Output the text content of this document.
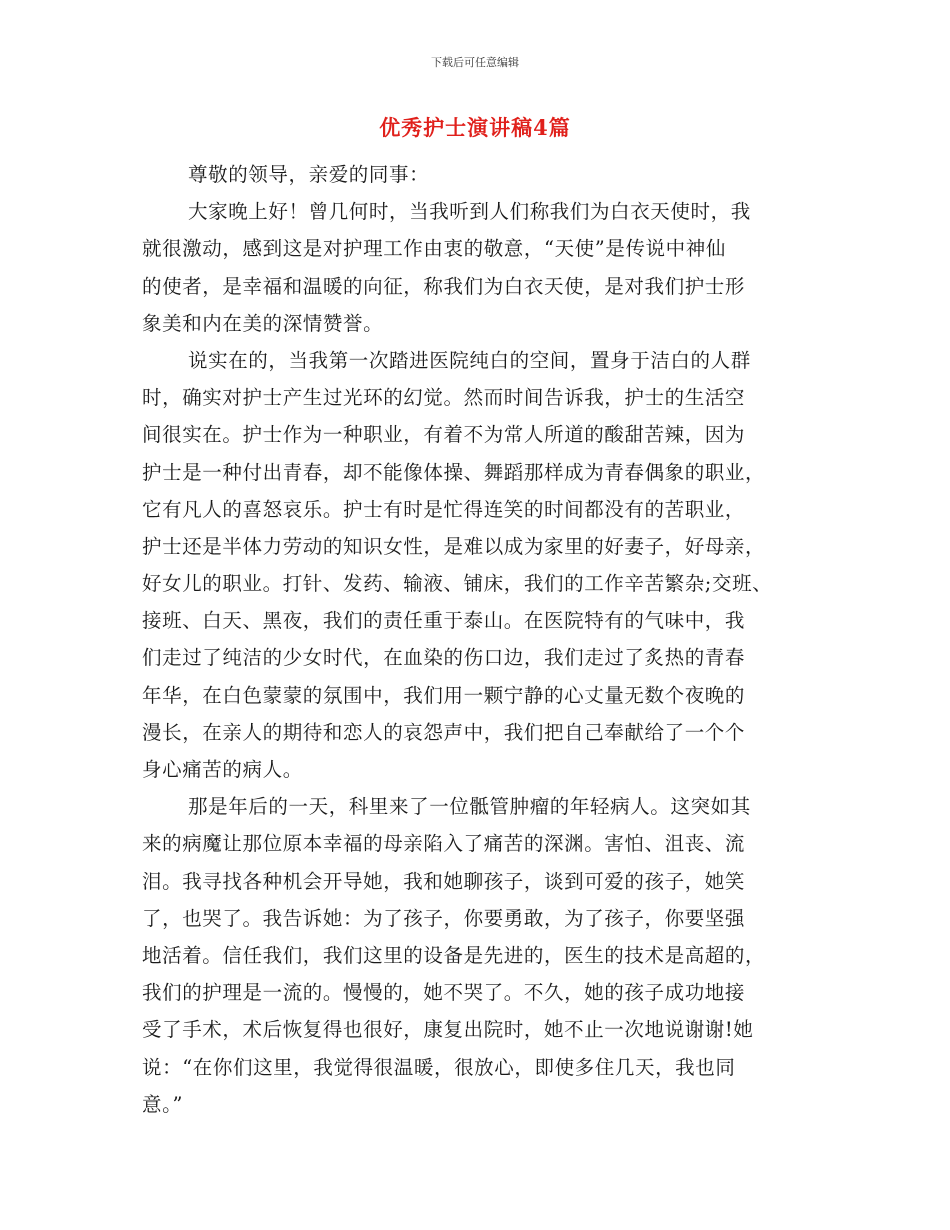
下载后可任意编辑
优秀护士演讲稿4篇
尊敬的领导，亲爱的同事：
大家晚上好！曾几何时，当我听到人们称我们为白衣天使时，我
就很激动，感到这是对护理工作由衷的敬意，“天使”是传说中神仙
的使者，是幸福和温暖的向征，称我们为白衣天使，是对我们护士形
象美和内在美的深情赞誉。
说实在的，当我第一次踏进医院纯白的空间，置身于洁白的人群
时，确实对护士产生过光环的幻觉。然而时间告诉我，护士的生活空
间很实在。护士作为一种职业，有着不为常人所道的酸甜苦辣，因为
护士是一种付出青春，却不能像体操、舞蹈那样成为青春偶象的职业，
它有凡人的喜怒哀乐。护士有时是忙得连笑的时间都没有的苦职业，
护士还是半体力劳动的知识女性，是难以成为家里的好妻子，好母亲，
好女儿的职业。打针、发药、输液、铺床，我们的工作辛苦繁杂;交班、
接班、白天、黑夜，我们的责任重于泰山。在医院特有的气味中，我
们走过了纯洁的少女时代，在血染的伤口边，我们走过了炙热的青春
年华，在白色蒙蒙的氛围中，我们用一颗宁静的心丈量无数个夜晚的
漫长，在亲人的期待和恋人的哀怨声中，我们把自己奉献给了一个个
身心痛苦的病人。
那是年后的一天，科里来了一位骶管肿瘤的年轻病人。这突如其
来的病魔让那位原本幸福的母亲陷入了痛苦的深渊。害怕、沮丧、流
泪。我寻找各种机会开导她，我和她聊孩子，谈到可爱的孩子，她笑
了，也哭了。我告诉她：为了孩子，你要勇敢，为了孩子，你要坚强
地活着。信任我们，我们这里的设备是先进的，医生的技术是高超的，
我们的护理是一流的。慢慢的，她不哭了。不久，她的孩子成功地接
受了手术，术后恢复得也很好，康复出院时，她不止一次地说谢谢!她
说：“在你们这里，我觉得很温暖，很放心，即使多住几天，我也同
意。”
